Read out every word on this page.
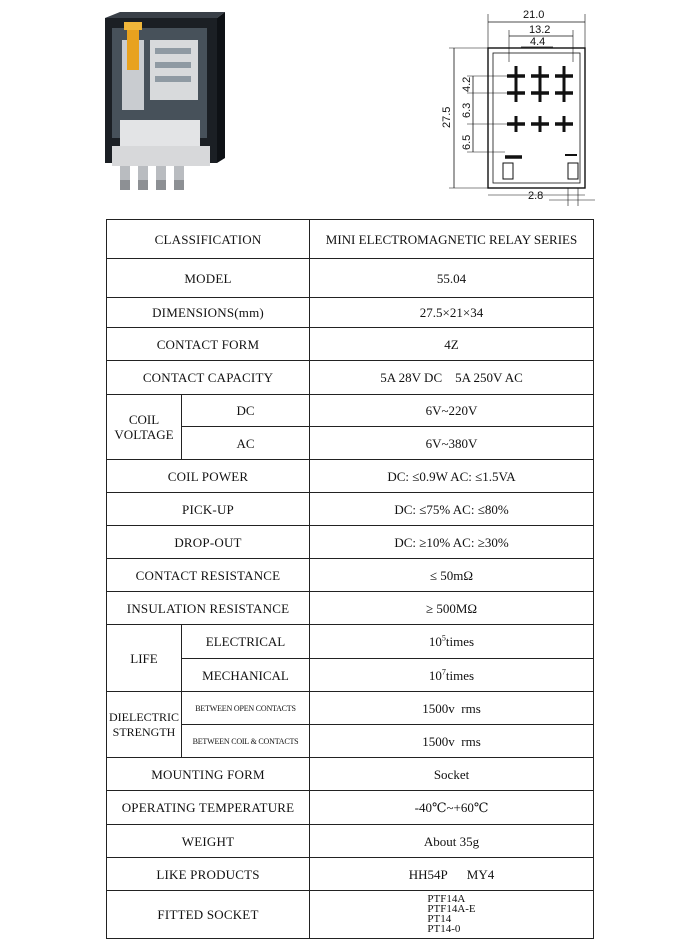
21.0
13.2
4.4
27.5
4.2
6.3
6.5
2.8
CLASSIFICATION		MINI ELECTROMAGNETIC RELAY SERIES
MODEL		55.04
DIMENSIONS(mm)		27.5×21×34
CONTACT FORM		4Z
CONTACT CAPACITY		5A 28V DC    5A 250V AC
COIL
VOLTAGE	DC	6V~220V
	AC	6V~380V
COIL POWER		DC: ≤0.9W AC: ≤1.5VA
PICK-UP		DC: ≤75% AC: ≤80%
DROP-OUT		DC: ≥10% AC: ≥30%
CONTACT RESISTANCE		≤ 50mΩ
INSULATION RESISTANCE		≥ 500MΩ
LIFE	ELECTRICAL	$10^5times$
	MECHANICAL	$10^7times$
DIELECTRIC
STRENGTH	BETWEEN OPEN CONTACTS	1500v  rms
	BETWEEN COIL & CONTACTS	1500v  rms
MOUNTING FORM		Socket
OPERATING TEMPERATURE		-40℃~+60℃
WEIGHT		About 35g
LIKE PRODUCTS		HH54P      MY4
FITTED SOCKET		PTF14A
PTF14A-E
PT14
PT14-0
